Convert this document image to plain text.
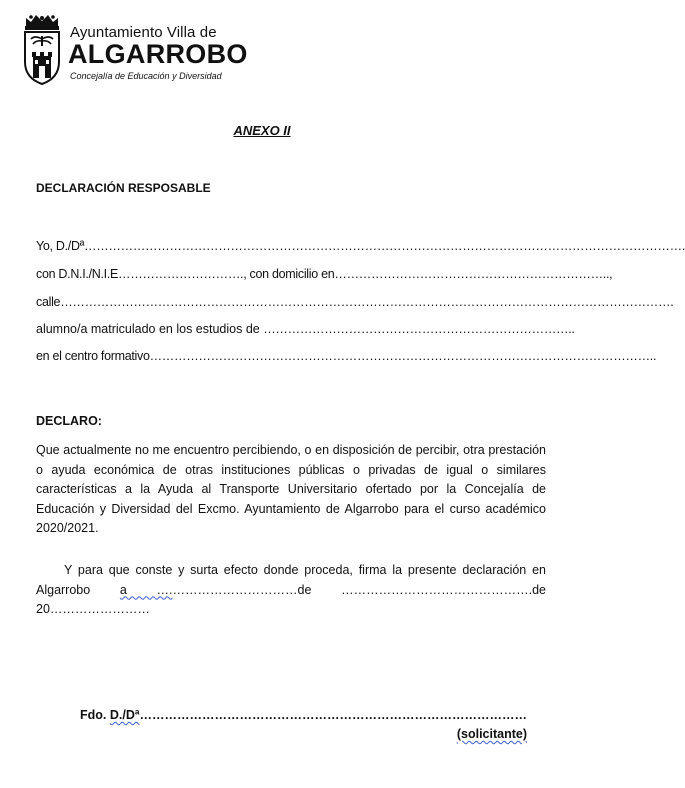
Ayuntamiento Villa de
ALGARROBO
Concejalía de Educación y Diversidad
ANEXO II
DECLARACIÓN RESPOSABLE
Yo, D./Dª………………………………………………………………………………………………………………………………….
con D.N.I./N.I.E…………………………., con domicilio en…………………………………………………………..,
calle…………………………………………………………………………………………………………………………………….
alumno/a matriculado en los estudios de …………………………………………………………………..
en el centro formativo……………………………………………………………………………………………………………..
DECLARO:

Que actualmente no me encuentro percibiendo, o en disposición de percibir, otra prestación o ayuda económica de otras instituciones públicas o privadas de igual o similares características a la Ayuda al Transporte Universitario ofertado por la Concejalía de Educación y Diversidad del Excmo. Ayuntamiento de Algarrobo para el curso académico 2020/2021.

Y para que conste y surta efecto donde proceda, firma la presente declaración en Algarrobo a ….…………………………de ……………………………………….de 20……………………

Fdo. D./Dª…………………………………………………………………………………
(solicitante)
